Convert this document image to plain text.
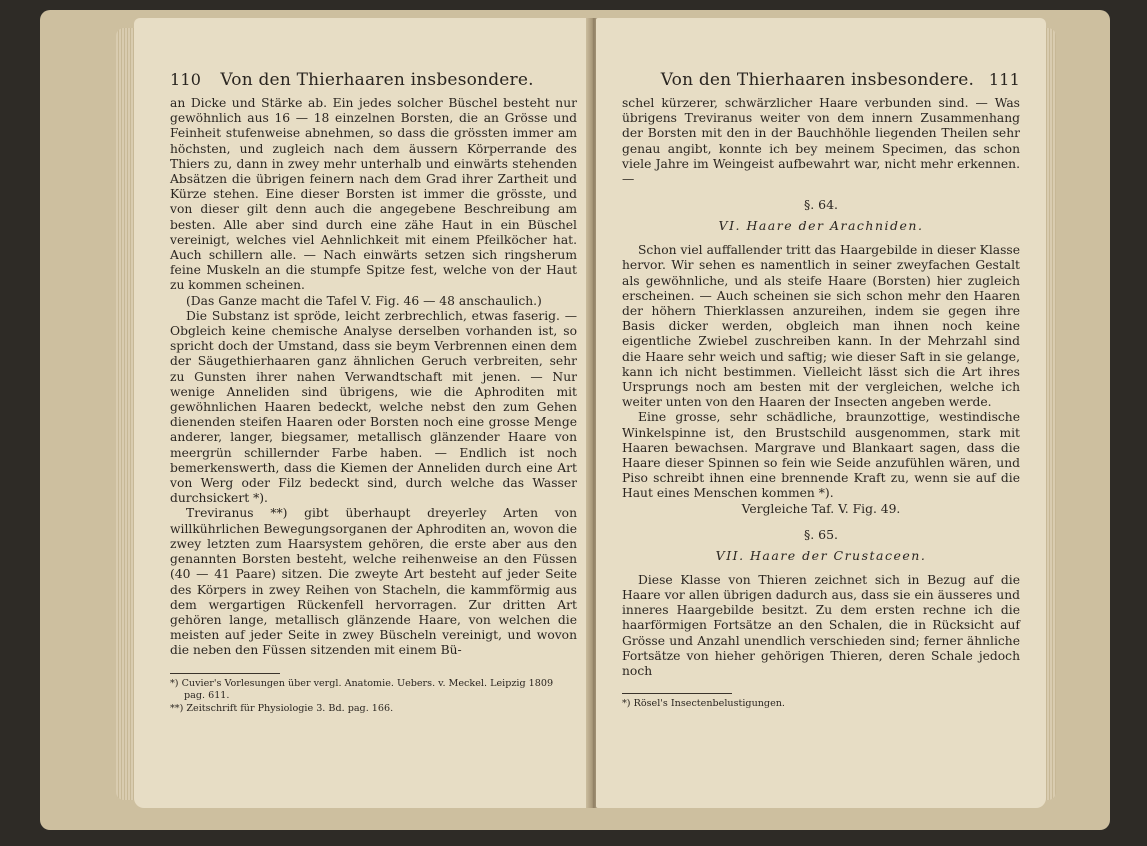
110 Von den Thierhaaren insbesondere.

an Dicke und Stärke ab. Ein jedes solcher Büschel besteht nur gewöhnlich aus 16 — 18 einzelnen Borsten, die an Grösse und Feinheit stufenweise abnehmen, so dass die grössten immer am höchsten, und zugleich nach dem äussern Körperrande des Thiers zu, dann in zwey mehr unterhalb und einwärts stehenden Absätzen die übrigen feinern nach dem Grad ihrer Zartheit und Kürze stehen. Eine dieser Borsten ist immer die grösste, und von dieser gilt denn auch die angegebene Beschreibung am besten. Alle aber sind durch eine zähe Haut in ein Büschel vereinigt, welches viel Aehnlichkeit mit einem Pfeilköcher hat. Auch schillern alle. — Nach einwärts setzen sich ringsherum feine Muskeln an die stumpfe Spitze fest, welche von der Haut zu kommen scheinen.

(Das Ganze macht die Tafel V. Fig. 46 — 48 anschaulich.)

Die Substanz ist spröde, leicht zerbrechlich, etwas faserig. — Obgleich keine chemische Analyse derselben vorhanden ist, so spricht doch der Umstand, dass sie beym Verbrennen einen dem der Säugethierhaaren ganz ähnlichen Geruch verbreiten, sehr zu Gunsten ihrer nahen Verwandtschaft mit jenen. — Nur wenige Anneliden sind übrigens, wie die Aphroditen mit gewöhnlichen Haaren bedeckt, welche nebst den zum Gehen dienenden steifen Haaren oder Borsten noch eine grosse Menge anderer, langer, biegsamer, metallisch glänzender Haare von meergrün schillernder Farbe haben. — Endlich ist noch bemerkenswerth, dass die Kiemen der Anneliden durch eine Art von Werg oder Filz bedeckt sind, durch welche das Wasser durchsickert *).

Treviranus **) gibt überhaupt dreyerley Arten von willkührlichen Bewegungsorganen der Aphroditen an, wovon die zwey letzten zum Haarsystem gehören, die erste aber aus den genannten Borsten besteht, welche reihenweise an den Füssen (40 — 41 Paare) sitzen. Die zweyte Art besteht auf jeder Seite des Körpers in zwey Reihen von Stacheln, die kammförmig aus dem wergartigen Rückenfell hervorragen. Zur dritten Art gehören lange, metallisch glänzende Haare, von welchen die meisten auf jeder Seite in zwey Büscheln vereinigt, und wovon die neben den Füssen sitzenden mit einem Bü-

*) Cuvier's Vorlesungen über vergl. Anatomie. Uebers. v. Meckel. Leipzig 1809 pag. 611.

**) Zeitschrift für Physiologie 3. Bd. pag. 166.

Von den Thierhaaren insbesondere. 111

schel kürzerer, schwärzlicher Haare verbunden sind. — Was übrigens Treviranus weiter von dem innern Zusammenhang der Borsten mit den in der Bauchhöhle liegenden Theilen sehr genau angibt, konnte ich bey meinem Specimen, das schon viele Jahre im Weingeist aufbewahrt war, nicht mehr erkennen. —

§. 64.
VI. Haare der Arachniden.

Schon viel auffallender tritt das Haargebilde in dieser Klasse hervor. Wir sehen es namentlich in seiner zweyfachen Gestalt als gewöhnliche, und als steife Haare (Borsten) hier zugleich erscheinen. — Auch scheinen sie sich schon mehr den Haaren der höhern Thierklassen anzureihen, indem sie gegen ihre Basis dicker werden, obgleich man ihnen noch keine eigentliche Zwiebel zuschreiben kann. In der Mehrzahl sind die Haare sehr weich und saftig; wie dieser Saft in sie gelange, kann ich nicht bestimmen. Vielleicht lässt sich die Art ihres Ursprungs noch am besten mit der vergleichen, welche ich weiter unten von den Haaren der Insecten angeben werde.

Eine grosse, sehr schädliche, braunzottige, westindische Winkelspinne ist, den Brustschild ausgenommen, stark mit Haaren bewachsen. Margrave und Blankaart sagen, dass die Haare dieser Spinnen so fein wie Seide anzufühlen wären, und Piso schreibt ihnen eine brennende Kraft zu, wenn sie auf die Haut eines Menschen kommen *).

Vergleiche Taf. V. Fig. 49.

§. 65.
VII. Haare der Crustaceen.

Diese Klasse von Thieren zeichnet sich in Bezug auf die Haare vor allen übrigen dadurch aus, dass sie ein äusseres und inneres Haargebilde besitzt. Zu dem ersten rechne ich die haarförmigen Fortsätze an den Schalen, die in Rücksicht auf Grösse und Anzahl unendlich verschieden sind; ferner ähnliche Fortsätze von hieher gehörigen Thieren, deren Schale jedoch noch

*) Rösel's Insectenbelustigungen.
